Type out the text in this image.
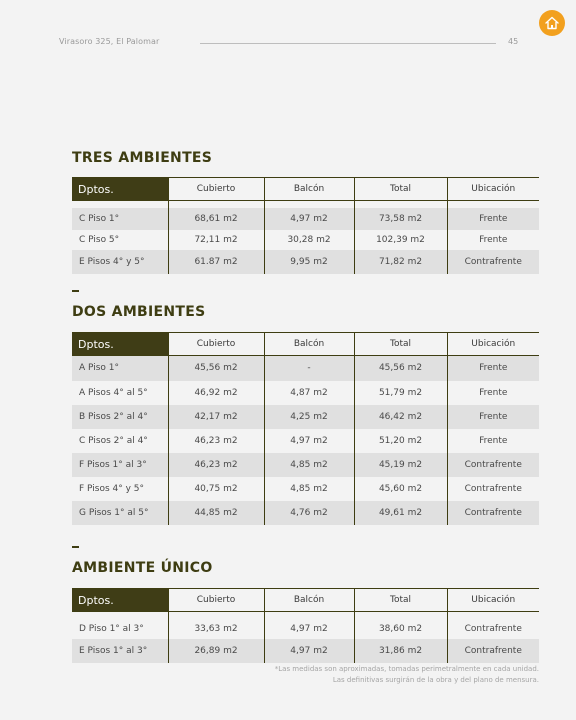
Virasoro 325, El Palomar	45
TRES AMBIENTES
Dptos.	Cubierto	Balcón	Total	Ubicación

C Piso 1°	68,61 m2	4,97 m2	73,58 m2	Frente
C Piso 5°	72,11 m2	30,28 m2	102,39 m2	Frente
E Pisos 4° y 5°	61.87 m2	9,95 m2	71,82 m2	Contrafrente
DOS AMBIENTES
Dptos.	Cubierto	Balcón	Total	Ubicación
A Piso 1°	45,56 m2	-	45,56 m2	Frente
A Pisos 4° al 5°	46,92 m2	4,87 m2	51,79 m2	Frente
B Pisos 2° al 4°	42,17 m2	4,25 m2	46,42 m2	Frente
C Pisos 2° al 4°	46,23 m2	4,97 m2	51,20 m2	Frente
F Pisos 1° al 3°	46,23 m2	4,85 m2	45,19 m2	Contrafrente
F Pisos 4° y 5°	40,75 m2	4,85 m2	45,60 m2	Contrafrente
G Pisos 1° al 5°	44,85 m2	4,76 m2	49,61 m2	Contrafrente
AMBIENTE ÚNICO
Dptos.	Cubierto	Balcón	Total	Ubicación

D Piso 1° al 3°	33,63 m2	4,97 m2	38,60 m2	Contrafrente
E Pisos 1° al 3°	26,89 m2	4,97 m2	31,86 m2	Contrafrente
*Las medidas son aproximadas, tomadas perimetralmente en cada unidad.
Las definitivas surgirán de la obra y del plano de mensura.
